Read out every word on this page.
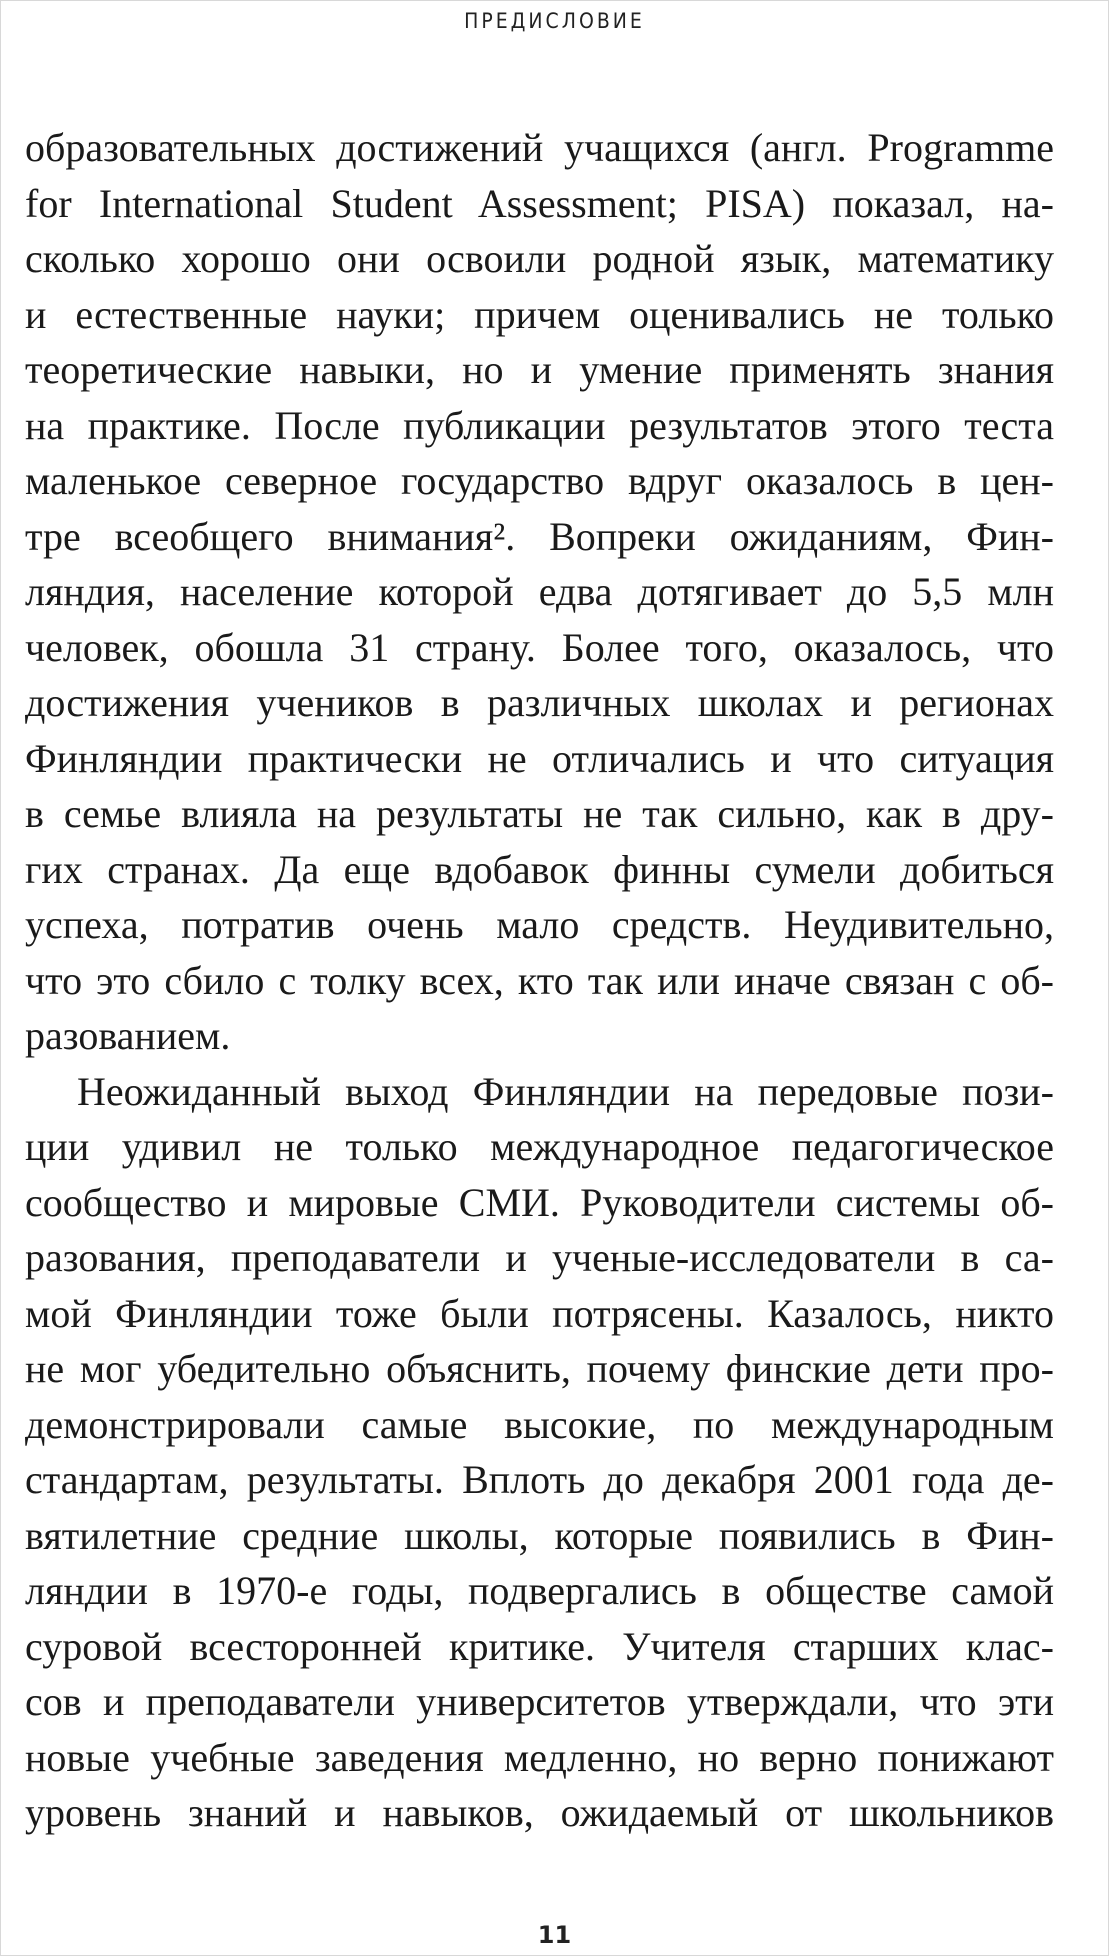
ПРЕДИСЛОВИЕ
образовательных достижений учащихся (англ. Programme
for International Student Assessment; PISA) показал, на-
сколько хорошо они освоили родной язык, математику
и естественные науки; причем оценивались не только
теоретические навыки, но и умение применять знания
на практике. После публикации результатов этого теста
маленькое северное государство вдруг оказалось в цен-
тре всеобщего внимания². Вопреки ожиданиям, Фин-
ляндия, население которой едва дотягивает до 5,5 млн
человек, обошла 31 страну. Более того, оказалось, что
достижения учеников в различных школах и регионах
Финляндии практически не отличались и что ситуация
в семье влияла на результаты не так сильно, как в дру-
гих странах. Да еще вдобавок финны сумели добиться
успеха, потратив очень мало средств. Неудивительно,
что это сбило с толку всех, кто так или иначе связан с об-
разованием.
Неожиданный выход Финляндии на передовые пози-
ции удивил не только международное педагогическое
сообщество и мировые СМИ. Руководители системы об-
разования, преподаватели и ученые-исследователи в са-
мой Финляндии тоже были потрясены. Казалось, никто
не мог убедительно объяснить, почему финские дети про-
демонстрировали самые высокие, по международным
стандартам, результаты. Вплоть до декабря 2001 года де-
вятилетние средние школы, которые появились в Фин-
ляндии в 1970-е годы, подвергались в обществе самой
суровой всесторонней критике. Учителя старших клас-
сов и преподаватели университетов утверждали, что эти
новые учебные заведения медленно, но верно понижают
уровень знаний и навыков, ожидаемый от школьников
11
